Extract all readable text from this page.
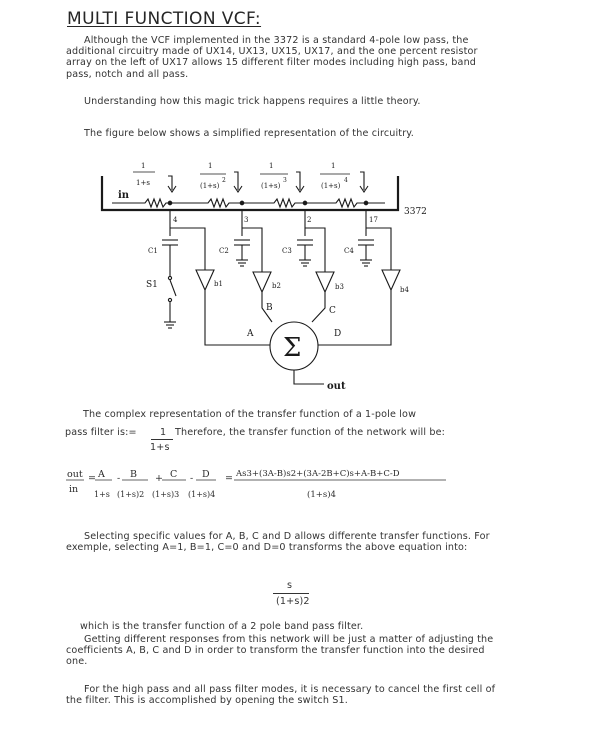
MULTI FUNCTION VCF:
Although the VCF implemented in the 3372 is a standard 4-pole low pass, the additional circuitry made of UX14, UX13, UX15, UX17, and the one percent resistor array on the left of UX17 allows 15 different filter modes including high pass, band pass, notch and all pass.
Understanding how this magic trick happens requires a little theory.
The figure below shows a simplified representation of the circuitry.
1
1+s
1
(1+s)
2
1
(1+s)
3
1
(1+s)
4
in
3372
4	3	2	17
C1	C2	C3	C4
S1	b1	b2	b3	b4
A
B	C
D
Σ
out
The complex representation of the transfer function of a 1-pole low
pass filter is:= 1 Therefore, the transfer function of the network will be:
1+s
out
in
= A
1+s
- B
(1+s)2
+ C
(1+s)3
- D
(1+s)4
= As3+(3A-B)s2+(3A-2B+C)s+A-B+C-D
(1+s)4
Selecting specific values for A, B, C and D allows differente transfer functions. For exemple, selecting A=1, B=1, C=0 and D=0 transforms the above equation into:
s
(1+s)2
which is the transfer function of a 2 pole band pass filter.
Getting different responses from this network will be just a matter of adjusting the coefficients A, B, C and D in order to transform the transfer function into the desired one.
For the high pass and all pass filter modes, it is necessary to cancel the first cell of the filter. This is accomplished by opening the switch S1.
